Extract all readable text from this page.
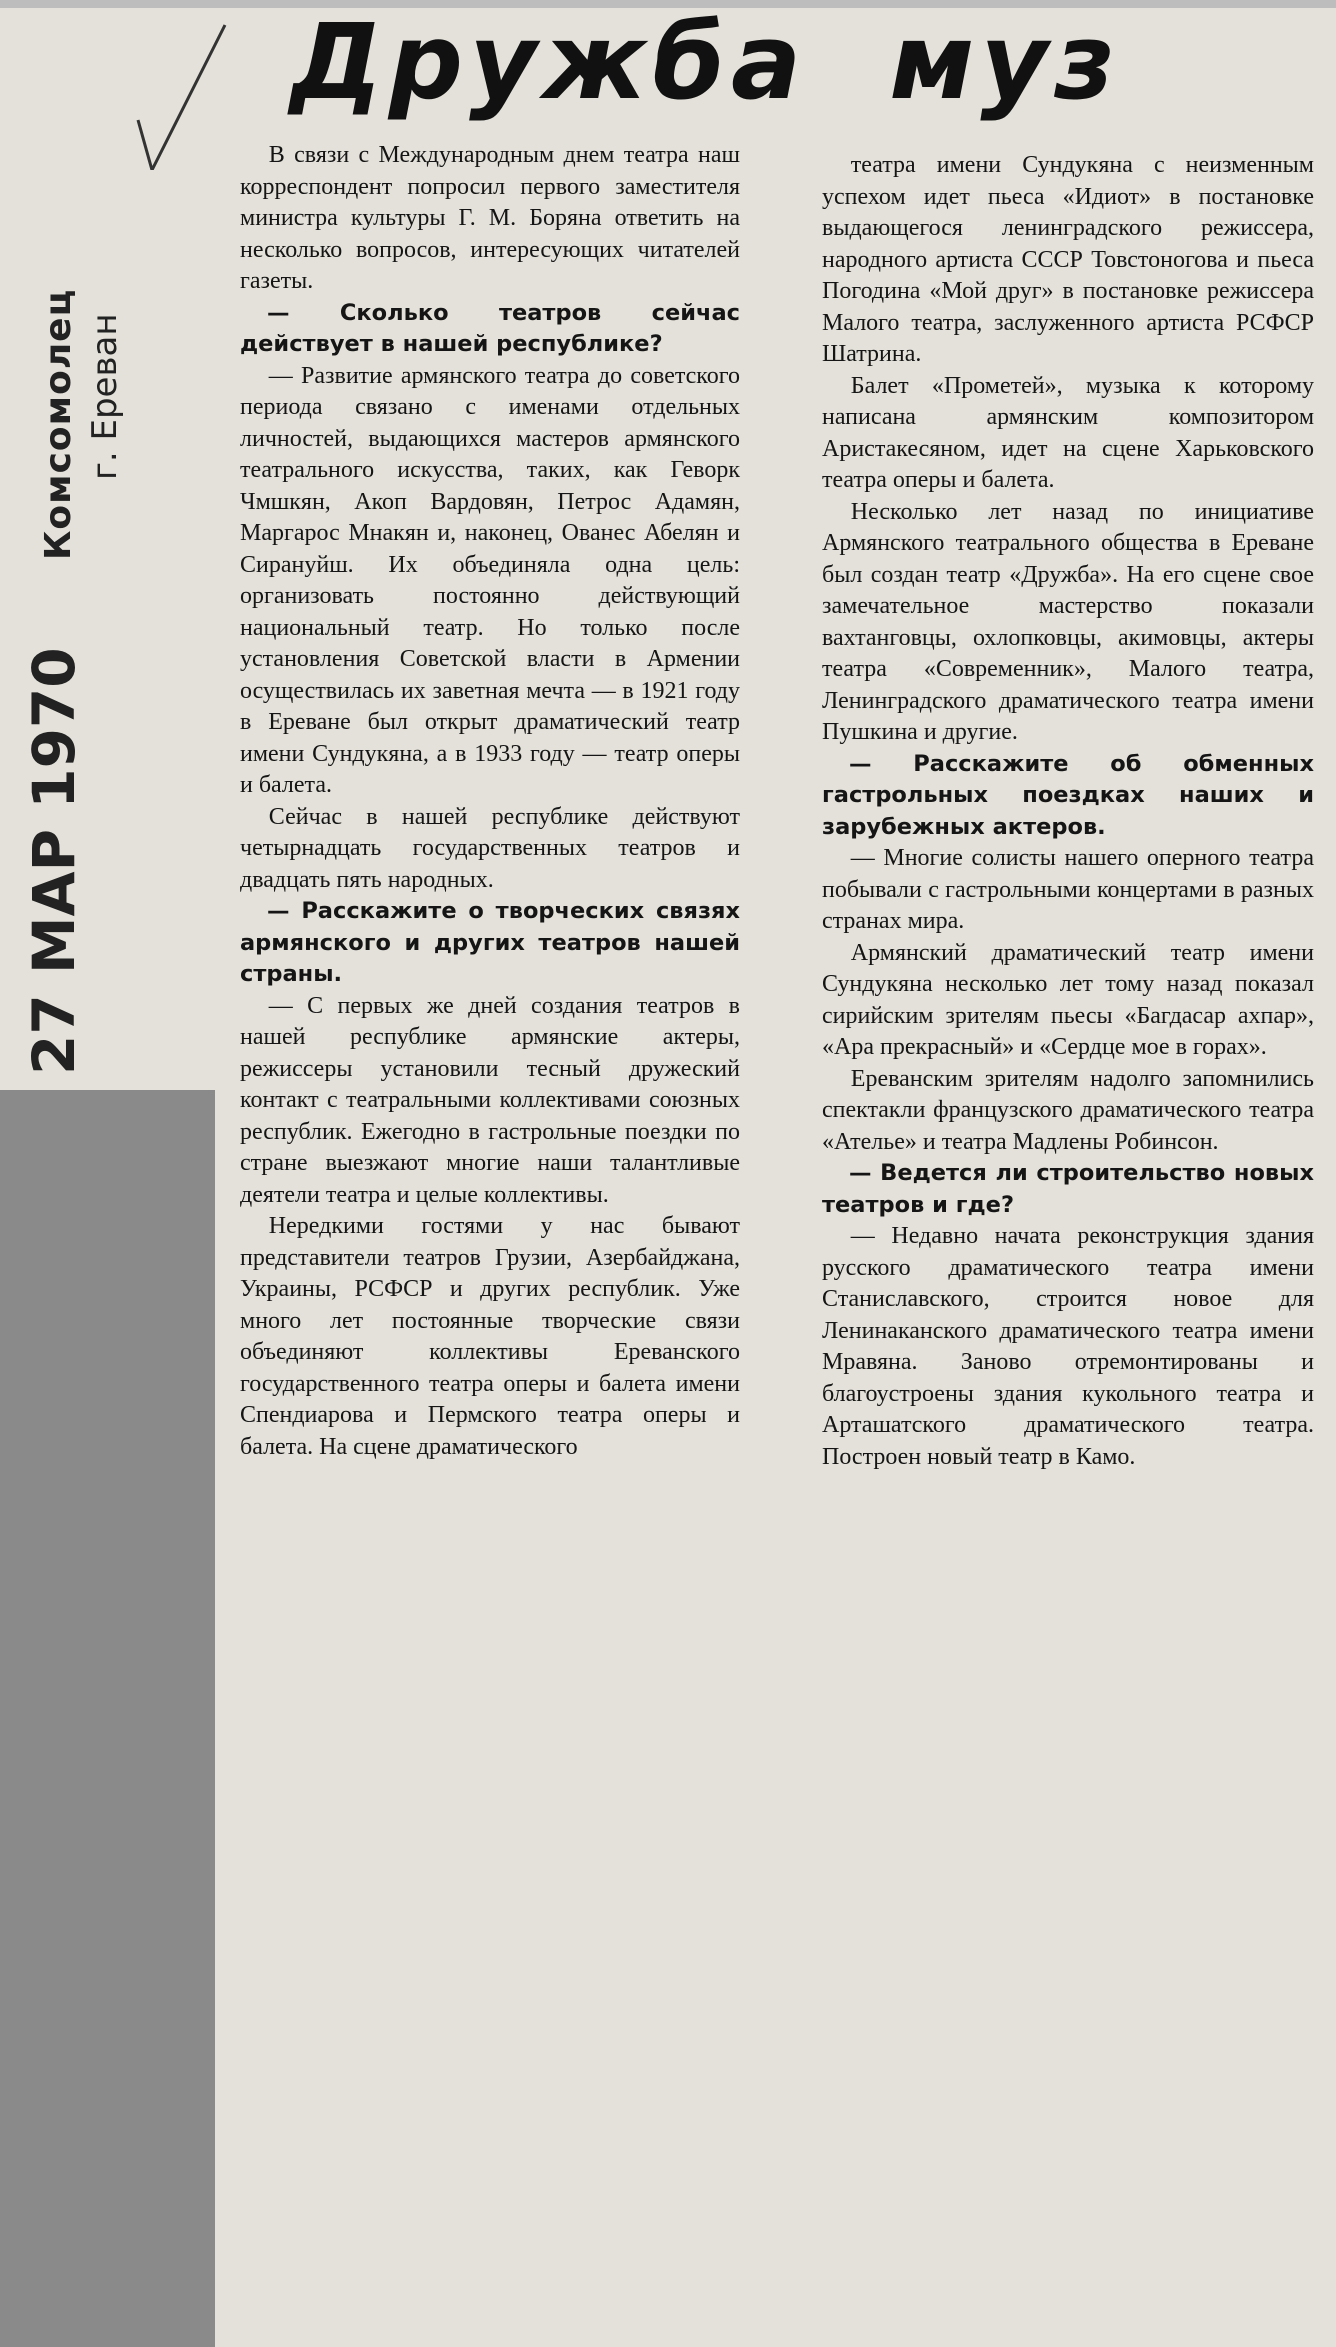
Дружба муз
Комсомолец г. Ереван
27 МАР 1970

В связи с Международным днем театра наш корреспондент попросил первого заместителя министра культуры Г. М. Боряна ответить на несколько вопросов, интересующих читателей газеты.

— Сколько театров сейчас действует в нашей республике?

— Развитие армянского театра до советского периода связано с именами отдельных личностей, выдающихся мастеров армянского театрального искусства, таких, как Геворк Чмшкян, Акоп Вардовян, Петрос Адамян, Маргарос Мнакян и, наконец, Ованес Абелян и Сирануйш. Их объединяла одна цель: организовать постоянно действующий национальный театр. Но только после установления Советской власти в Армении осуществилась их заветная мечта — в 1921 году в Ереване был открыт драматический театр имени Сундукяна, а в 1933 году — театр оперы и балета.

Сейчас в нашей республике действуют четырнадцать государственных театров и двадцать пять народных.

— Расскажите о творческих связях армянского и других театров нашей страны.

— С первых же дней создания театров в нашей республике армянские актеры, режиссеры установили тесный дружеский контакт с театральными коллективами союзных республик. Ежегодно в гастрольные поездки по стране выезжают многие наши талантливые деятели театра и целые коллективы.

Нередкими гостями у нас бывают представители театров Грузии, Азербайджана, Украины, РСФСР и других республик. Уже много лет постоянные творческие связи объединяют коллективы Ереванского государственного театра оперы и балета имени Спендиарова и Пермского театра оперы и балета. На сцене драматического

театра имени Сундукяна с неизменным успехом идет пьеса «Идиот» в постановке выдающегося ленинградского режиссера, народного артиста СССР Товстоногова и пьеса Погодина «Мой друг» в постановке режиссера Малого театра, заслуженного артиста РСФСР Шатрина.

Балет «Прометей», музыка к которому написана армянским композитором Аристакесяном, идет на сцене Харьковского театра оперы и балета.

Несколько лет назад по инициативе Армянского театрального общества в Ереване был создан театр «Дружба». На его сцене свое замечательное мастерство показали вахтанговцы, охлопковцы, акимовцы, актеры театра «Современник», Малого театра, Ленинградского драматического театра имени Пушкина и другие.

— Расскажите об обменных гастрольных поездках наших и зарубежных актеров.

— Многие солисты нашего оперного театра побывали с гастрольными концертами в разных странах мира.

Армянский драматический театр имени Сундукяна несколько лет тому назад показал сирийским зрителям пьесы «Багдасар ахпар», «Ара прекрасный» и «Сердце мое в горах».

Ереванским зрителям надолго запомнились спектакли французского драматического театра «Ателье» и театра Мадлены Робинсон.

— Ведется ли строительство новых театров и где?

— Недавно начата реконструкция здания русского драматического театра имени Станиславского, строится новое для Ленинаканского драматического театра имени Мравяна. Заново отремонтированы и благоустроены здания кукольного театра и Арташатского драматического театра. Построен новый театр в Камо.
